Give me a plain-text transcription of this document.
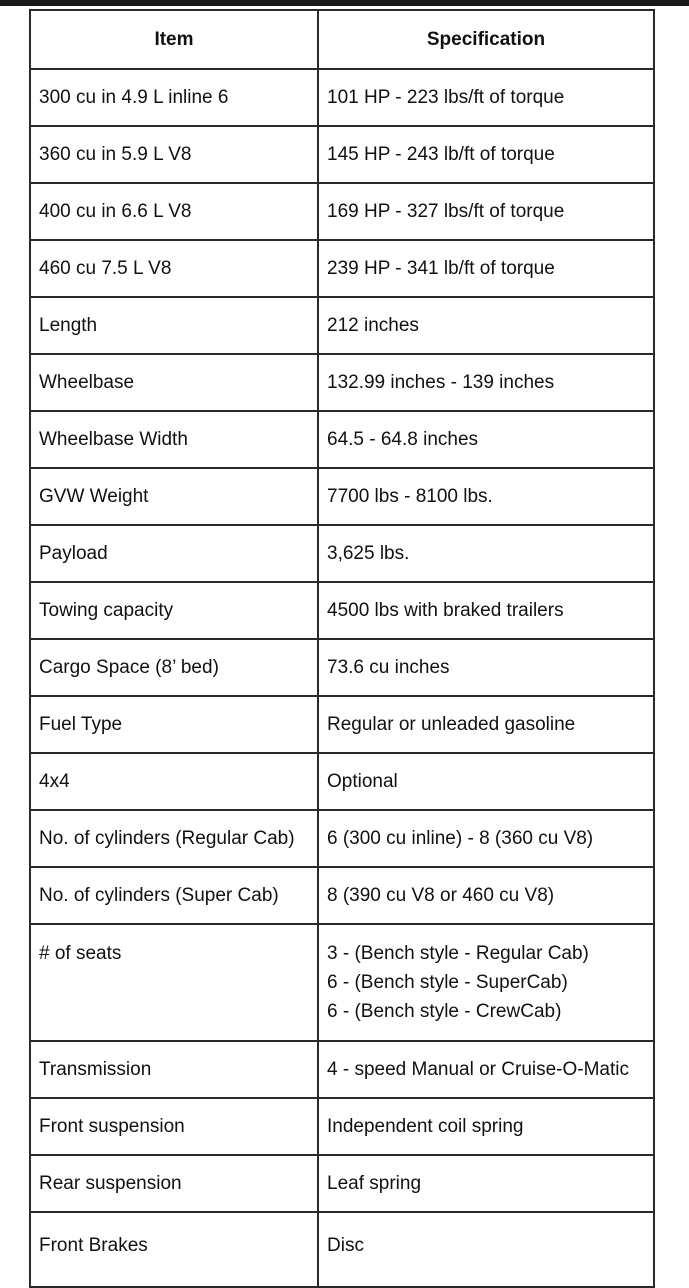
Item	Specification
300 cu in 4.9 L inline 6	101 HP - 223 lbs/ft of torque
360 cu in 5.9 L V8	145 HP - 243 lb/ft of torque
400 cu in 6.6 L V8	169 HP - 327 lbs/ft of torque
460 cu 7.5 L V8	239 HP - 341 lb/ft of torque
Length	212 inches
Wheelbase	132.99 inches - 139 inches
Wheelbase Width	64.5 - 64.8 inches
GVW Weight	7700 lbs - 8100 lbs.
Payload	3,625 lbs.
Towing capacity	4500 lbs with braked trailers
Cargo Space (8’ bed)	73.6 cu inches
Fuel Type	Regular or unleaded gasoline
4x4	Optional
No. of cylinders (Regular Cab)	6 (300 cu inline) - 8 (360 cu V8)
No. of cylinders (Super Cab)	8 (390 cu V8 or 460 cu V8)
# of seats	3 - (Bench style - Regular Cab)
6 - (Bench style - SuperCab)
6 - (Bench style - CrewCab)

Transmission	4 - speed Manual or Cruise-O-Matic
Front suspension	Independent coil spring
Rear suspension	Leaf spring
Front Brakes	Disc
